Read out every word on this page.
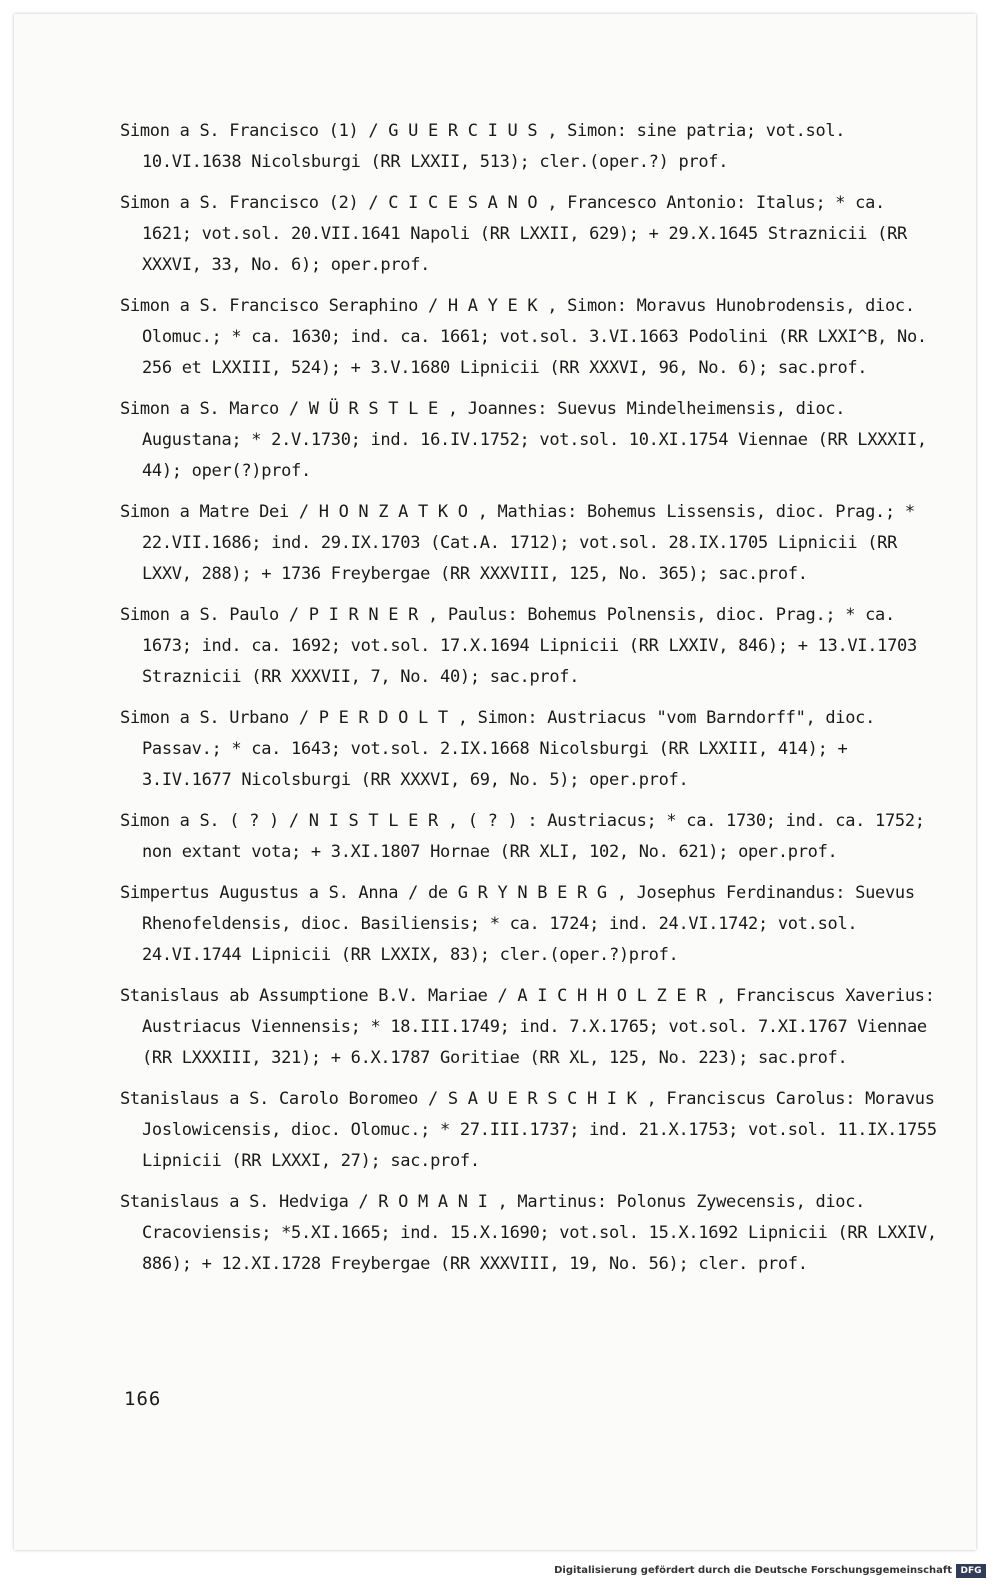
Simon a S. Francisco (1) / G U E R C I U S , Simon: sine patria; vot.sol. 10.VI.1638 Nicolsburgi (RR LXXII, 513); cler.(oper.?) prof.

Simon a S. Francisco (2) / C I C E S A N O , Francesco Antonio: Italus; * ca. 1621; vot.sol. 20.VII.1641 Napoli (RR LXXII, 629); + 29.X.1645 Straznicii (RR XXXVI, 33, No. 6); oper.prof.

Simon a S. Francisco Seraphino / H A Y E K , Simon: Moravus Hunobrodensis, dioc. Olomuc.; * ca. 1630; ind. ca. 1661; vot.sol. 3.VI.1663 Podolini (RR LXXI^B, No. 256 et LXXIII, 524); + 3.V.1680 Lipnicii (RR XXXVI, 96, No. 6); sac.prof.

Simon a S. Marco / W Ü R S T L E , Joannes: Suevus Mindelheimensis, dioc. Augustana; * 2.V.1730; ind. 16.IV.1752; vot.sol. 10.XI.1754 Viennae (RR LXXXII, 44); oper(?)prof.

Simon a Matre Dei / H O N Z A T K O , Mathias: Bohemus Lissensis, dioc. Prag.; * 22.VII.1686; ind. 29.IX.1703 (Cat.A. 1712); vot.sol. 28.IX.1705 Lipnicii (RR LXXV, 288); + 1736 Freybergae (RR XXXVIII, 125, No. 365); sac.prof.

Simon a S. Paulo / P I R N E R , Paulus: Bohemus Polnensis, dioc. Prag.; * ca. 1673; ind. ca. 1692; vot.sol. 17.X.1694 Lipnicii (RR LXXIV, 846); + 13.VI.1703 Straznicii (RR XXXVII, 7, No. 40); sac.prof.

Simon a S. Urbano / P E R D O L T , Simon: Austriacus "vom Barndorff", dioc. Passav.; * ca. 1643; vot.sol. 2.IX.1668 Nicolsburgi (RR LXXIII, 414); + 3.IV.1677 Nicolsburgi (RR XXXVI, 69, No. 5); oper.prof.

Simon a S. ( ? ) / N I S T L E R , ( ? ) : Austriacus; * ca. 1730; ind. ca. 1752; non extant vota; + 3.XI.1807 Hornae (RR XLI, 102, No. 621); oper.prof.

Simpertus Augustus a S. Anna / de G R Y N B E R G , Josephus Ferdinandus: Suevus Rhenofeldensis, dioc. Basiliensis; * ca. 1724; ind. 24.VI.1742; vot.sol. 24.VI.1744 Lipnicii (RR LXXIX, 83); cler.(oper.?)prof.

Stanislaus ab Assumptione B.V. Mariae / A I C H H O L Z E R , Franciscus Xaverius: Austriacus Viennensis; * 18.III.1749; ind. 7.X.1765; vot.sol. 7.XI.1767 Viennae (RR LXXXIII, 321); + 6.X.1787 Goritiae (RR XL, 125, No. 223); sac.prof.

Stanislaus a S. Carolo Boromeo / S A U E R S C H I K , Franciscus Carolus: Moravus Joslowicensis, dioc. Olomuc.; * 27.III.1737; ind. 21.X.1753; vot.sol. 11.IX.1755 Lipnicii (RR LXXXI, 27); sac.prof.

Stanislaus a S. Hedviga / R O M A N I , Martinus: Polonus Zywecensis, dioc. Cracoviensis; *5.XI.1665; ind. 15.X.1690; vot.sol. 15.X.1692 Lipnicii (RR LXXIV, 886); + 12.XI.1728 Freybergae (RR XXXVIII, 19, No. 56); cler. prof.

166
Digitalisierung gefördert durch die Deutsche Forschungsgemeinschaft DFG
